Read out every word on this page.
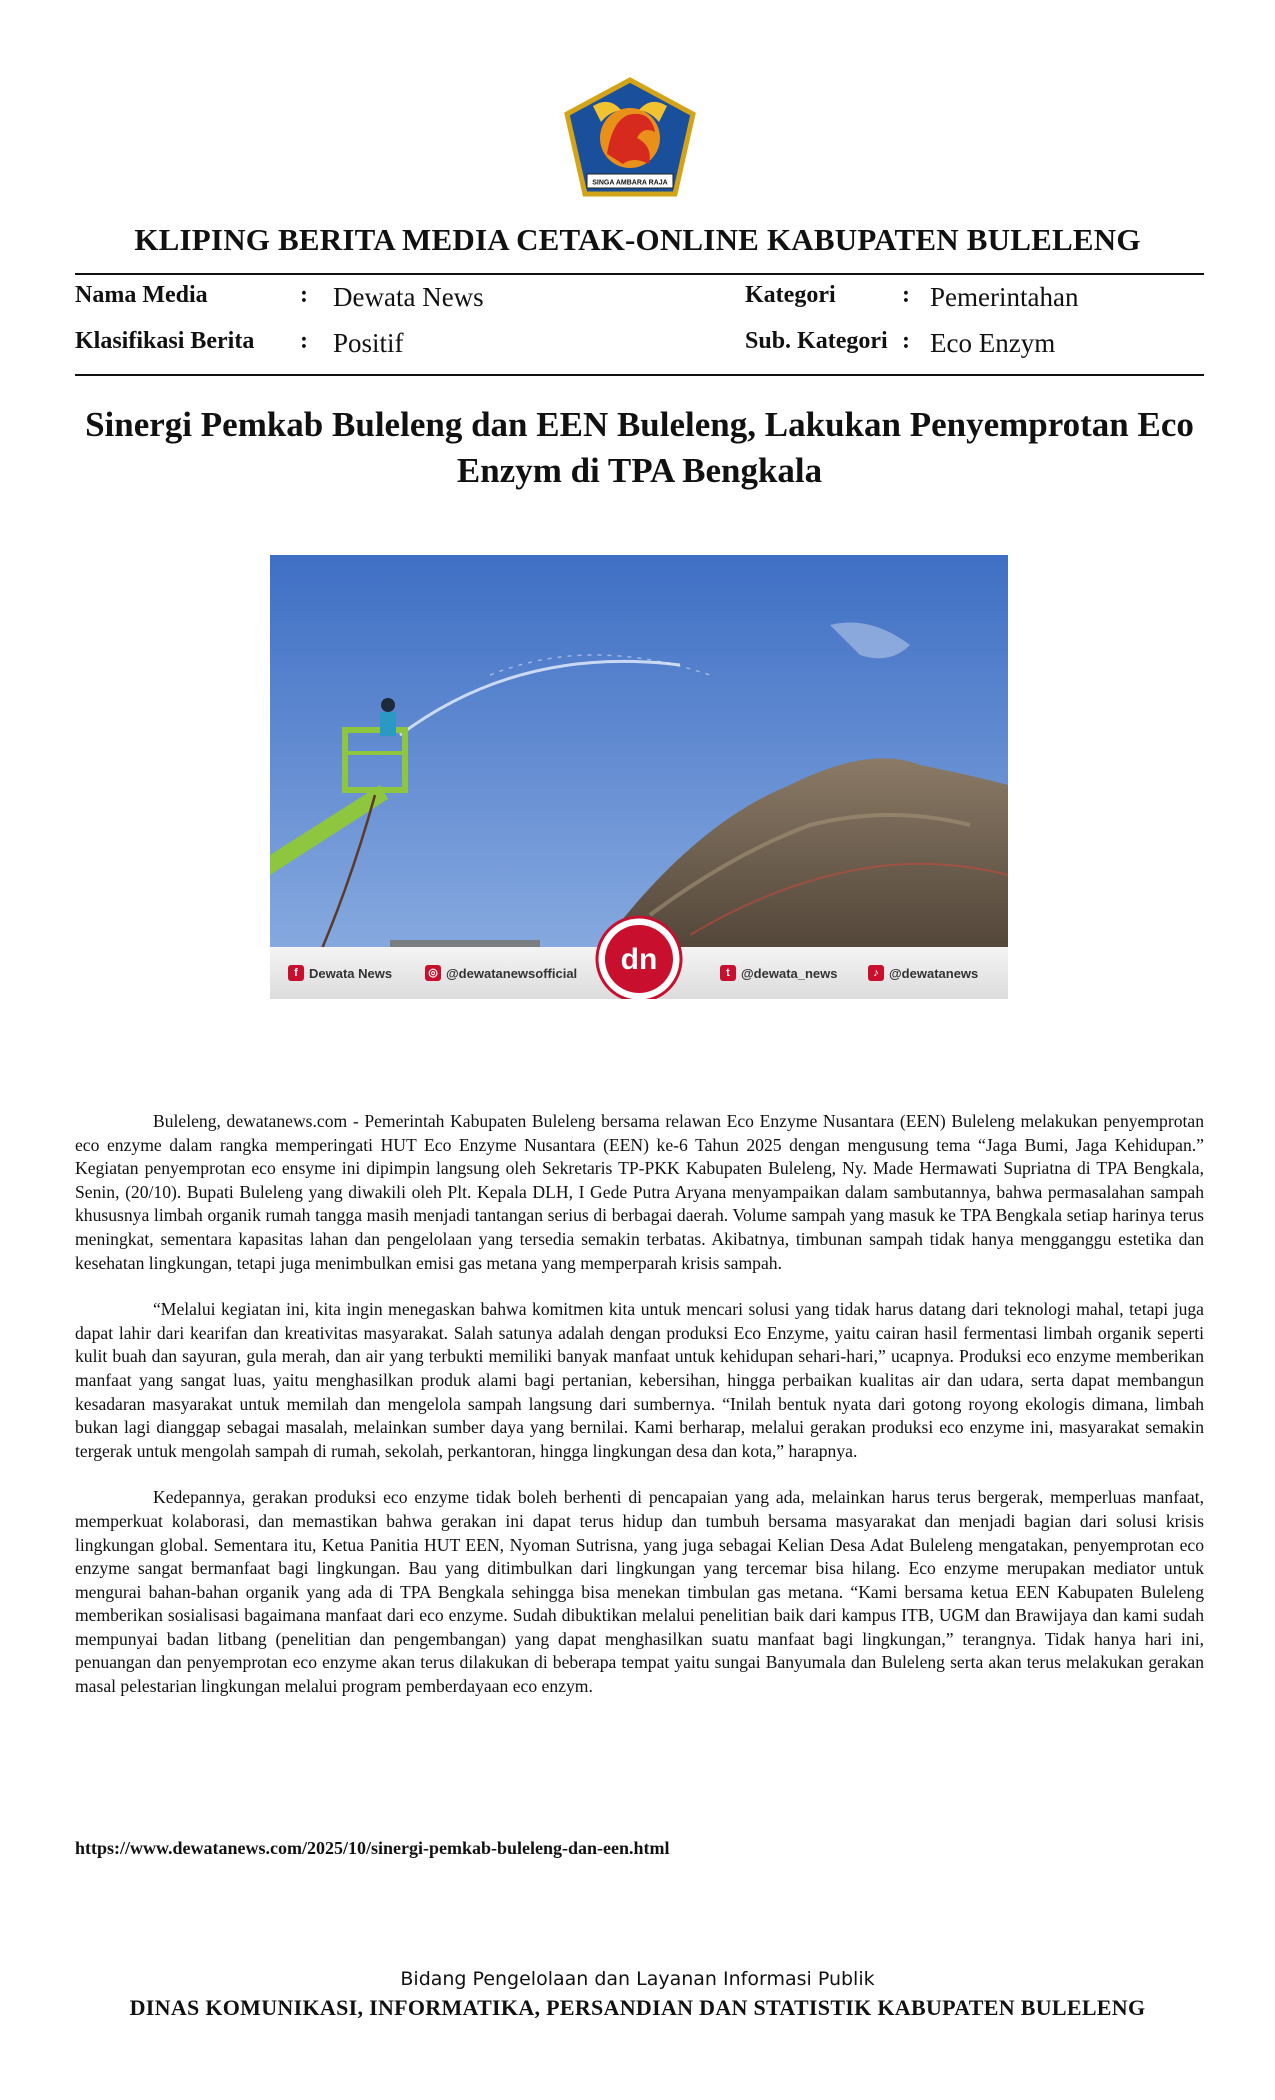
SINGA AMBARA RAJA
KLIPING BERITA MEDIA CETAK-ONLINE KABUPATEN BULELENG
Nama Media	: Dewata News	Kategori	: Pemerintahan
Klasifikasi Berita : Positif	Sub. Kategori : Eco Enzym
Sinergi Pemkab Buleleng dan EEN Buleleng, Lakukan Penyemprotan Eco Enzym di TPA Bengkala
f Dewata News	◎ @dewatanewsofficial dn	t @dewata_news	♪ @dewatanews

Buleleng, dewatanews.com - Pemerintah Kabupaten Buleleng bersama relawan Eco Enzyme Nusantara (EEN) Buleleng melakukan penyemprotan eco enzyme dalam rangka memperingati HUT Eco Enzyme Nusantara (EEN) ke-6 Tahun 2025 dengan mengusung tema “Jaga Bumi, Jaga Kehidupan.” Kegiatan penyemprotan eco ensyme ini dipimpin langsung oleh Sekretaris TP-PKK Kabupaten Buleleng, Ny. Made Hermawati Supriatna di TPA Bengkala, Senin, (20/10). Bupati Buleleng yang diwakili oleh Plt. Kepala DLH, I Gede Putra Aryana menyampaikan dalam sambutannya, bahwa permasalahan sampah khususnya limbah organik rumah tangga masih menjadi tantangan serius di berbagai daerah. Volume sampah yang masuk ke TPA Bengkala setiap harinya terus meningkat, sementara kapasitas lahan dan pengelolaan yang tersedia semakin terbatas. Akibatnya, timbunan sampah tidak hanya mengganggu estetika dan kesehatan lingkungan, tetapi juga menimbulkan emisi gas metana yang memperparah krisis sampah.

“Melalui kegiatan ini, kita ingin menegaskan bahwa komitmen kita untuk mencari solusi yang tidak harus datang dari teknologi mahal, tetapi juga dapat lahir dari kearifan dan kreativitas masyarakat. Salah satunya adalah dengan produksi Eco Enzyme, yaitu cairan hasil fermentasi limbah organik seperti kulit buah dan sayuran, gula merah, dan air yang terbukti memiliki banyak manfaat untuk kehidupan sehari-hari,” ucapnya. Produksi eco enzyme memberikan manfaat yang sangat luas, yaitu menghasilkan produk alami bagi pertanian, kebersihan, hingga perbaikan kualitas air dan udara, serta dapat membangun kesadaran masyarakat untuk memilah dan mengelola sampah langsung dari sumbernya. “Inilah bentuk nyata dari gotong royong ekologis dimana, limbah bukan lagi dianggap sebagai masalah, melainkan sumber daya yang bernilai. Kami berharap, melalui gerakan produksi eco enzyme ini, masyarakat semakin tergerak untuk mengolah sampah di rumah, sekolah, perkantoran, hingga lingkungan desa dan kota,” harapnya.

Kedepannya, gerakan produksi eco enzyme tidak boleh berhenti di pencapaian yang ada, melainkan harus terus bergerak, memperluas manfaat, memperkuat kolaborasi, dan memastikan bahwa gerakan ini dapat terus hidup dan tumbuh bersama masyarakat dan menjadi bagian dari solusi krisis lingkungan global. Sementara itu, Ketua Panitia HUT EEN, Nyoman Sutrisna, yang juga sebagai Kelian Desa Adat Buleleng mengatakan, penyemprotan eco enzyme sangat bermanfaat bagi lingkungan. Bau yang ditimbulkan dari lingkungan yang tercemar bisa hilang. Eco enzyme merupakan mediator untuk mengurai bahan-bahan organik yang ada di TPA Bengkala sehingga bisa menekan timbulan gas metana. “Kami bersama ketua EEN Kabupaten Buleleng memberikan sosialisasi bagaimana manfaat dari eco enzyme. Sudah dibuktikan melalui penelitian baik dari kampus ITB, UGM dan Brawijaya dan kami sudah mempunyai badan litbang (penelitian dan pengembangan) yang dapat menghasilkan suatu manfaat bagi lingkungan,” terangnya. Tidak hanya hari ini, penuangan dan penyemprotan eco enzyme akan terus dilakukan di beberapa tempat yaitu sungai Banyumala dan Buleleng serta akan terus melakukan gerakan masal pelestarian lingkungan melalui program pemberdayaan eco enzym.

https://www.dewatanews.com/2025/10/sinergi-pemkab-buleleng-dan-een.html
Bidang Pengelolaan dan Layanan Informasi Publik
DINAS KOMUNIKASI, INFORMATIKA, PERSANDIAN DAN STATISTIK KABUPATEN BULELENG
